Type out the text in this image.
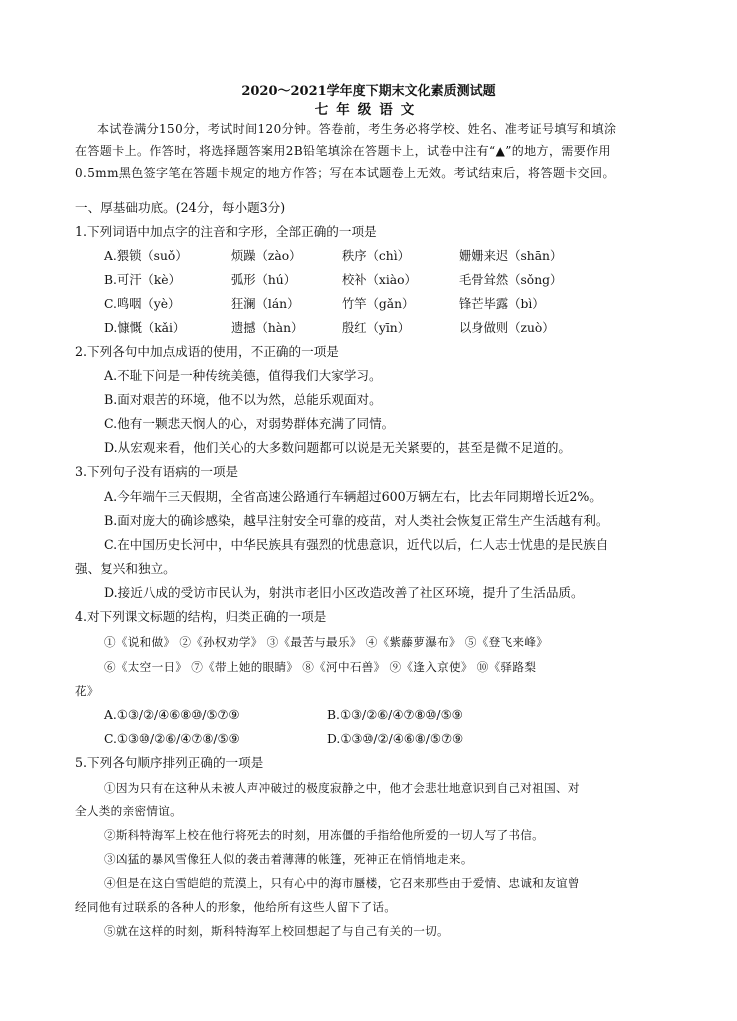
2020～2021学年度下期末文化素质测试题
七年级语文
本试卷满分150分，考试时间120分钟。答卷前，考生务必将学校、姓名、准考证号填写和填涂
在答题卡上。作答时，将选择题答案用2B铅笔填涂在答题卡上，试卷中注有“▲”的地方，需要作用
0.5mm黑色签字笔在答题卡规定的地方作答；写在本试题卷上无效。考试结束后，将答题卡交回。
一、厚基础功底。(24分，每小题3分)
1.下列词语中加点字的注音和字形，全部正确的一项是
A.猥锁（suǒ）	烦躁（zào）	秩序（chì）	姗姗来迟（shān）
B.可汗（kè）	弧形（hú）	校补（xiào）	毛骨耸然（sǒng）
C.鸣咽（yè）	狂澜（lán）	竹竿（gǎn）	锋芒毕露（bì）
D.慷慨（kǎi）	遗撼（hàn）	殷红（yīn）	以身做则（zuò）
2.下列各句中加点成语的使用，不正确的一项是
A.不耻下问是一种传统美德，值得我们大家学习。
B.面对艰苦的环境，他不以为然，总能乐观面对。
C.他有一颗悲天悯人的心，对弱势群体充满了同情。
D.从宏观来看，他们关心的大多数问题都可以说是无关紧要的，甚至是微不足道的。
3.下列句子没有语病的一项是
A.今年端午三天假期，全省高速公路通行车辆超过600万辆左右，比去年同期增长近2%。
B.面对庞大的确诊感染，越早注射安全可靠的疫苗，对人类社会恢复正常生产生活越有利。
C.在中国历史长河中，中华民族具有强烈的忧患意识，近代以后，仁人志士忧患的是民族自
强、复兴和独立。
D.接近八成的受访市民认为，射洪市老旧小区改造改善了社区环境，提升了生活品质。
4.对下列课文标题的结构，归类正确的一项是
①《说和做》 ②《孙权劝学》 ③《最苦与最乐》 ④《紫藤萝瀑布》 ⑤《登飞来峰》
⑥《太空一日》 ⑦《带上她的眼睛》 ⑧《河中石兽》 ⑨《逢入京使》 ⑩《驿路梨
花》
A.①③/②/④⑥⑧⑩/⑤⑦⑨	B.①③/②⑥/④⑦⑧⑩/⑤⑨
C.①③⑩/②⑥/④⑦⑧/⑤⑨	D.①③⑩/②/④⑥⑧/⑤⑦⑨
5.下列各句顺序排列正确的一项是
①因为只有在这种从未被人声冲破过的极度寂静之中，他才会悲壮地意识到自己对祖国、对
全人类的亲密情谊。
②斯科特海军上校在他行将死去的时刻，用冻僵的手指给他所爱的一切人写了书信。
③凶猛的暴风雪像狂人似的袭击着薄薄的帐篷，死神正在悄悄地走来。
④但是在这白雪皑皑的荒漠上，只有心中的海市蜃楼，它召来那些由于爱情、忠诚和友谊曾
经同他有过联系的各种人的形象，他给所有这些人留下了话。
⑤就在这样的时刻，斯科特海军上校回想起了与自己有关的一切。
